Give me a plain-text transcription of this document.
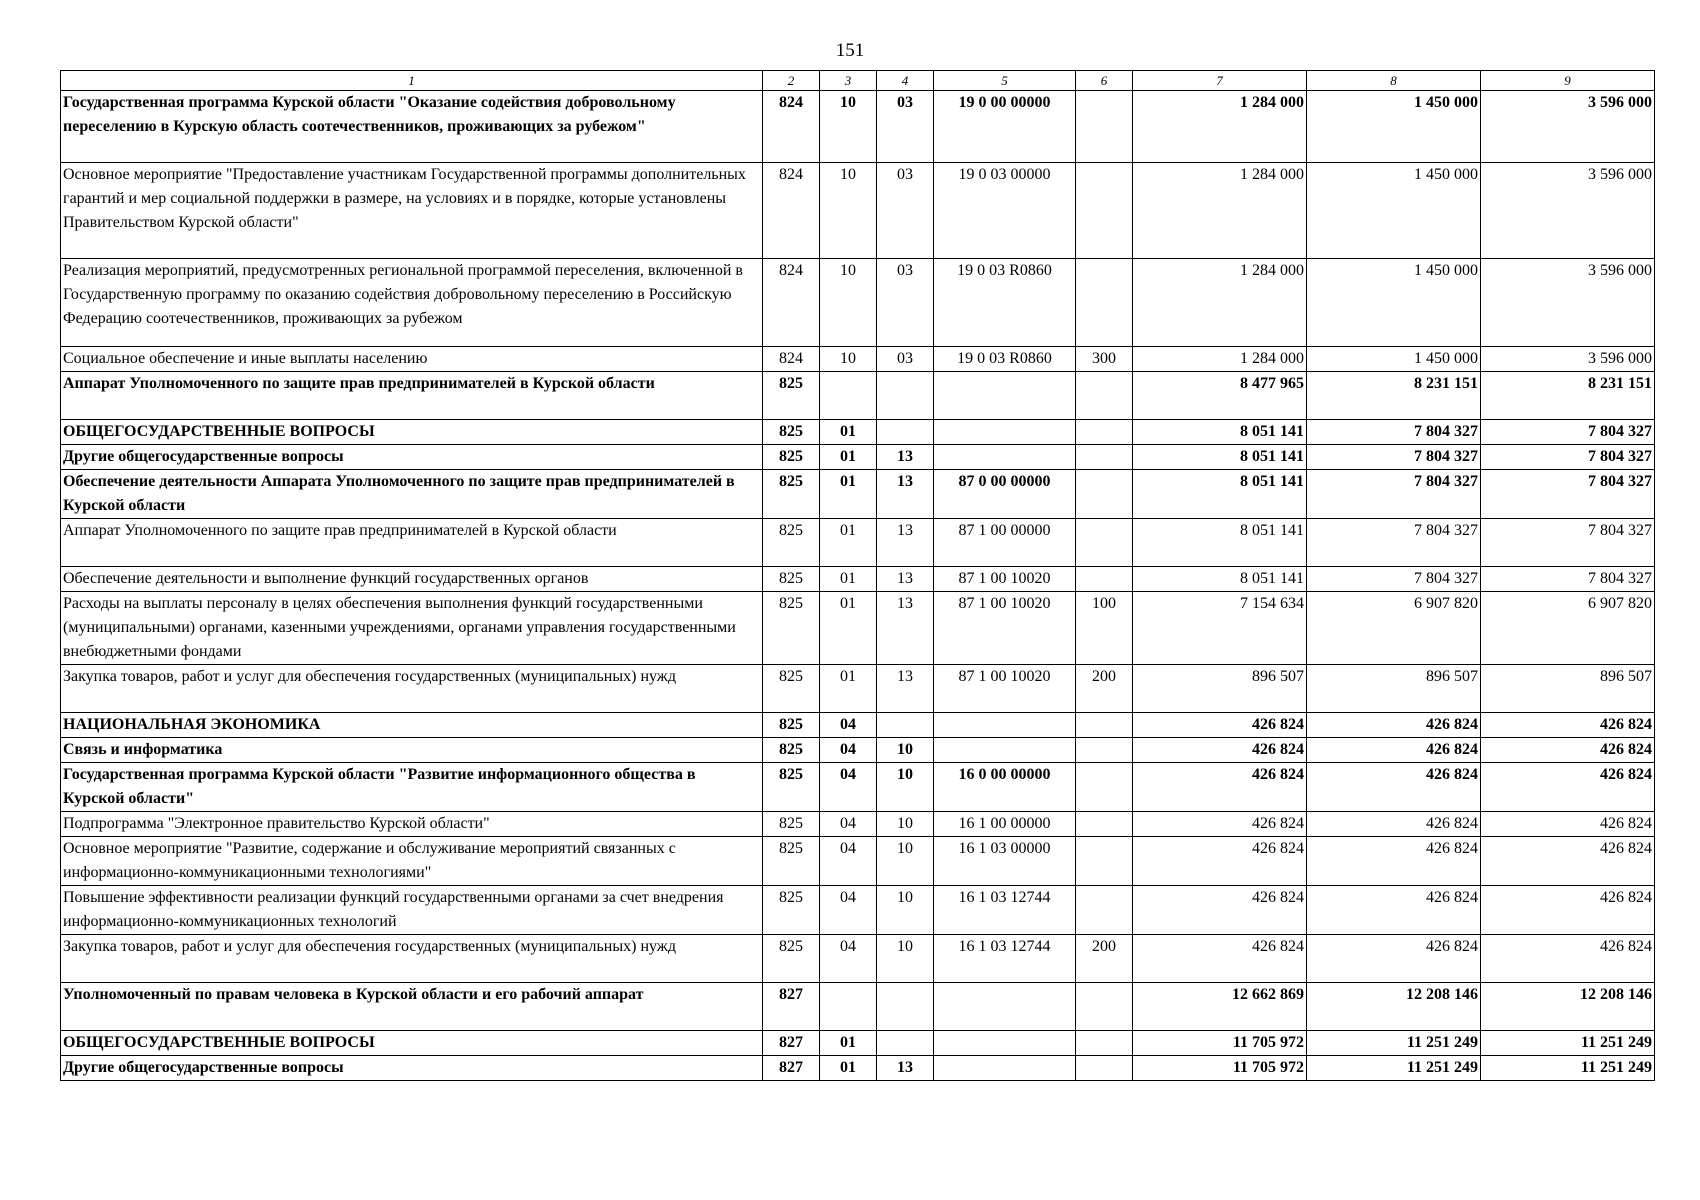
151
1	2	3	4	5	6	7	8	9
Государственная программа Курской области "Оказание содействия добровольному переселению в Курскую область соотечественников, проживающих за рубежом"	824	10	03	19 0 00 00000		1 284 000	1 450 000	3 596 000
Основное мероприятие "Предоставление участникам Государственной программы дополнительных гарантий и мер социальной поддержки в размере, на условиях и в порядке, которые установлены Правительством Курской области"	824	10	03	19 0 03 00000		1 284 000	1 450 000	3 596 000
Реализация мероприятий, предусмотренных региональной программой переселения, включенной в Государственную программу по оказанию содействия добровольному переселению в Российскую Федерацию соотечественников, проживающих за рубежом	824	10	03	19 0 03 R0860		1 284 000	1 450 000	3 596 000
Социальное обеспечение и иные выплаты населению	824	10	03	19 0 03 R0860	300	1 284 000	1 450 000	3 596 000
Аппарат Уполномоченного по защите прав предпринимателей в Курской области	825					8 477 965	8 231 151	8 231 151
ОБЩЕГОСУДАРСТВЕННЫЕ ВОПРОСЫ	825	01				8 051 141	7 804 327	7 804 327
Другие общегосударственные вопросы	825	01	13			8 051 141	7 804 327	7 804 327
Обеспечение деятельности Аппарата Уполномоченного по защите прав предпринимателей в Курской области	825	01	13	87 0 00 00000		8 051 141	7 804 327	7 804 327
Аппарат Уполномоченного по защите прав предпринимателей в Курской области	825	01	13	87 1 00 00000		8 051 141	7 804 327	7 804 327
Обеспечение деятельности и выполнение функций государственных органов	825	01	13	87 1 00 10020		8 051 141	7 804 327	7 804 327
Расходы на выплаты персоналу в целях обеспечения выполнения функций государственными (муниципальными) органами, казенными учреждениями, органами управления государственными внебюджетными фондами	825	01	13	87 1 00 10020	100	7 154 634	6 907 820	6 907 820
Закупка товаров, работ и услуг для обеспечения государственных (муниципальных) нужд	825	01	13	87 1 00 10020	200	896 507	896 507	896 507
НАЦИОНАЛЬНАЯ ЭКОНОМИКА	825	04				426 824	426 824	426 824
Связь и информатика	825	04	10			426 824	426 824	426 824
Государственная программа Курской области "Развитие информационного общества в Курской области"	825	04	10	16 0 00 00000		426 824	426 824	426 824
Подпрограмма "Электронное правительство Курской области"	825	04	10	16 1 00 00000		426 824	426 824	426 824
Основное мероприятие "Развитие, содержание и обслуживание мероприятий связанных с информационно-коммуникационными технологиями"	825	04	10	16 1 03 00000		426 824	426 824	426 824
Повышение эффективности реализации функций государственными органами за счет внедрения информационно-коммуникационных технологий	825	04	10	16 1 03 12744		426 824	426 824	426 824
Закупка товаров, работ и услуг для обеспечения государственных (муниципальных) нужд	825	04	10	16 1 03 12744	200	426 824	426 824	426 824
Уполномоченный по правам человека в Курской области и его рабочий аппарат	827					12 662 869	12 208 146	12 208 146
ОБЩЕГОСУДАРСТВЕННЫЕ ВОПРОСЫ	827	01				11 705 972	11 251 249	11 251 249
Другие общегосударственные вопросы	827	01	13			11 705 972	11 251 249	11 251 249
